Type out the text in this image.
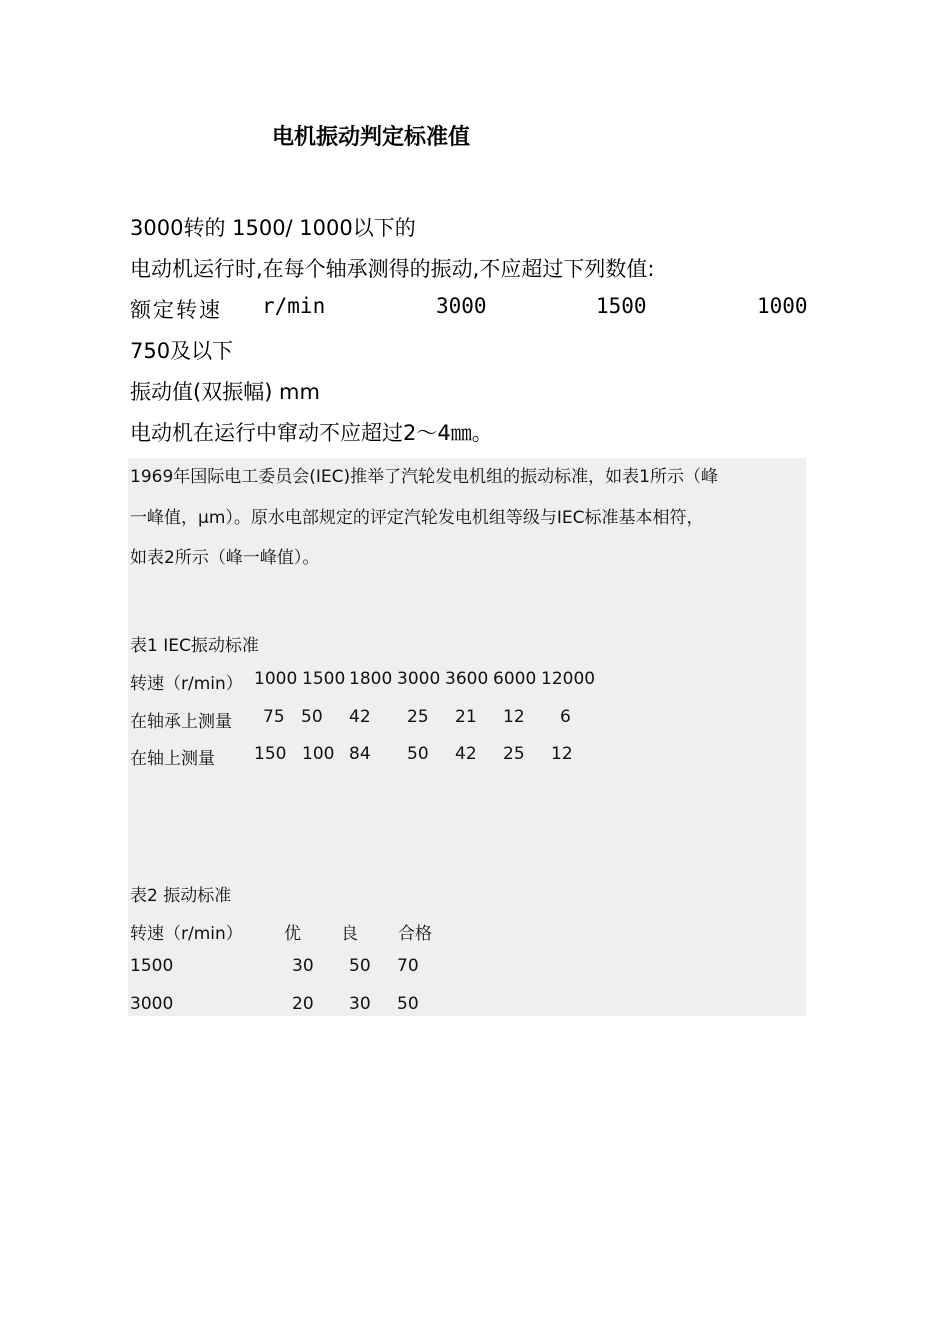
电机振动判定标准值
3000转的 1500/ 1000以下的
电动机运行时,在每个轴承测得的振动,不应超过下列数值:
额定转速 r/min	3000	1500	1000
750及以下
振动值(双振幅) mm
电动机在运行中窜动不应超过2～4㎜。
1969年国际电工委员会(IEC)推举了汽轮发电机组的振动标准，如表1所示（峰
一峰值，μm）。原水电部规定的评定汽轮发电机组等级与IEC标准基本相符，
如表2所示（峰一峰值）。
表1 IEC振动标准
转速（r/min） 1000 1500 1800 3000 3600 6000 12000
在轴承上测量 75 50 42 25 21 12 6
在轴上测量 150 100 84 50 42 25 12
表2 振动标准
转速（r/min） 优 良 合格
1500	30 50 70
3000	20 30 50
